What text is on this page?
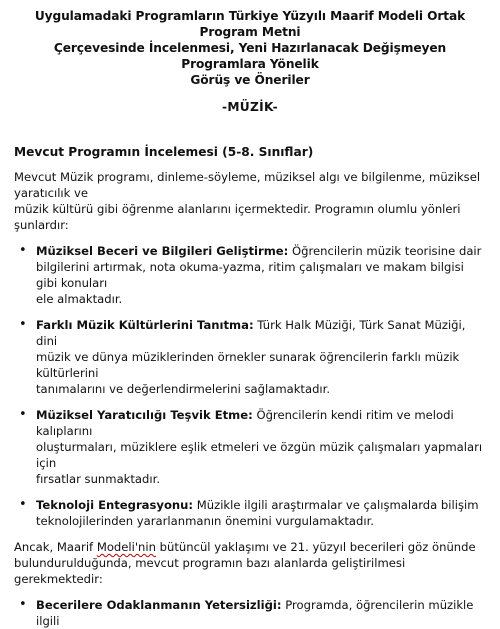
Uygulamadaki Programların Türkiye Yüzyılı Maarif Modeli Ortak Program Metni
Çerçevesinde İncelenmesi, Yeni Hazırlanacak Değişmeyen Programlara Yönelik
Görüş ve Öneriler
-MÜZİK-
Mevcut Programın İncelemesi (5-8. Sınıflar)

Mevcut Müzik programı, dinleme-söyleme, müziksel algı ve bilgilenme, müziksel yaratıcılık ve
müzik kültürü gibi öğrenme alanlarını içermektedir. Programın olumlu yönleri şunlardır:

• Müziksel Beceri ve Bilgileri Geliştirme: Öğrencilerin müzik teorisine dair
bilgilerini artırmak, nota okuma-yazma, ritim çalışmaları ve makam bilgisi gibi konuları
ele almaktadır.
• Farklı Müzik Kültürlerini Tanıtma: Türk Halk Müziği, Türk Sanat Müziği, dini
müzik ve dünya müziklerinden örnekler sunarak öğrencilerin farklı müzik kültürlerini
tanımalarını ve değerlendirmelerini sağlamaktadır.
• Müziksel Yaratıcılığı Teşvik Etme: Öğrencilerin kendi ritim ve melodi kalıplarını
oluşturmaları, müziklere eşlik etmeleri ve özgün müzik çalışmaları yapmaları için
fırsatlar sunmaktadır.
• Teknoloji Entegrasyonu: Müzikle ilgili araştırmalar ve çalışmalarda bilişim
teknolojilerinden yararlanmanın önemini vurgulamaktadır.

Ancak, Maarif Modeli'nin bütüncül yaklaşımı ve 21. yüzyıl becerileri göz önünde
bulundurulduğunda, mevcut programın bazı alanlarda geliştirilmesi gerekmektedir:

• Becerilere Odaklanmanın Yetersizliği: Programda, öğrencilerin müzikle ilgili
